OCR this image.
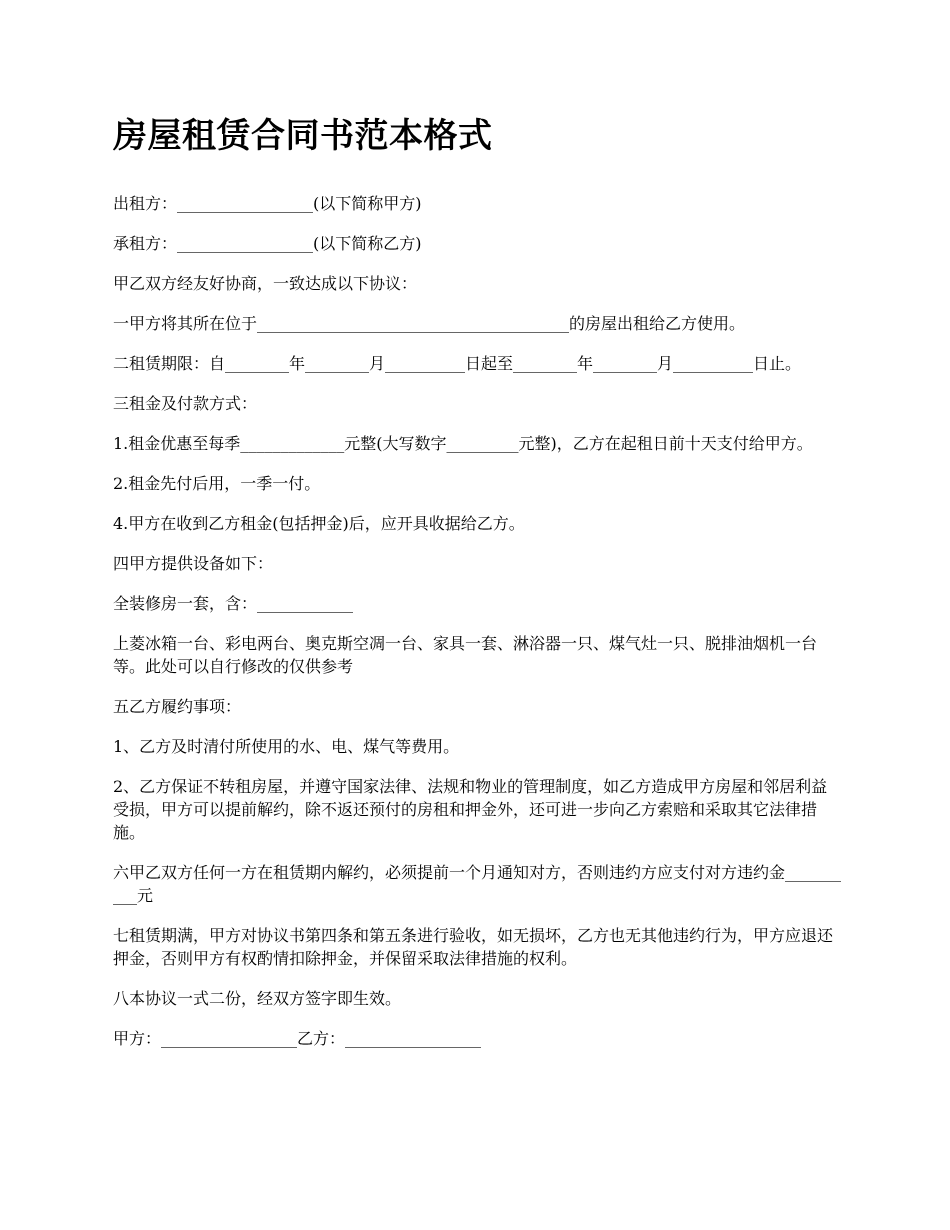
房屋租赁合同书范本格式

出租方：_________________(以下简称甲方)

承租方：_________________(以下简称乙方)

甲乙双方经友好协商，一致达成以下协议：

一甲方将其所在位于_______________________________________的房屋出租给乙方使用。

二租赁期限：自________年________月__________日起至________年________月__________日止。

三租金及付款方式：

1.租金优惠至每季_____________元整(大写数字_________元整)，乙方在起租日前十天支付给甲方。

2.租金先付后用，一季一付。

4.甲方在收到乙方租金(包括押金)后，应开具收据给乙方。

四甲方提供设备如下：

全装修房一套，含：____________

上菱冰箱一台、彩电两台、奥克斯空凋一台、家具一套、淋浴器一只、煤气灶一只、脱排油烟机一台等。此处可以自行修改的仅供参考

五乙方履约事项：

1、乙方及时清付所使用的水、电、煤气等费用。

2、乙方保证不转租房屋，并遵守国家法律、法规和物业的管理制度，如乙方造成甲方房屋和邻居利益受损，甲方可以提前解约，除不返还预付的房租和押金外，还可进一步向乙方索赔和采取其它法律措施。

六甲乙双方任何一方在租赁期内解约，必须提前一个月通知对方，否则违约方应支付对方违约金__________元

七租赁期满，甲方对协议书第四条和第五条进行验收，如无损坏，乙方也无其他违约行为，甲方应退还押金，否则甲方有权酌情扣除押金，并保留采取法律措施的权利。

八本协议一式二份，经双方签字即生效。

甲方：_________________乙方：_________________
